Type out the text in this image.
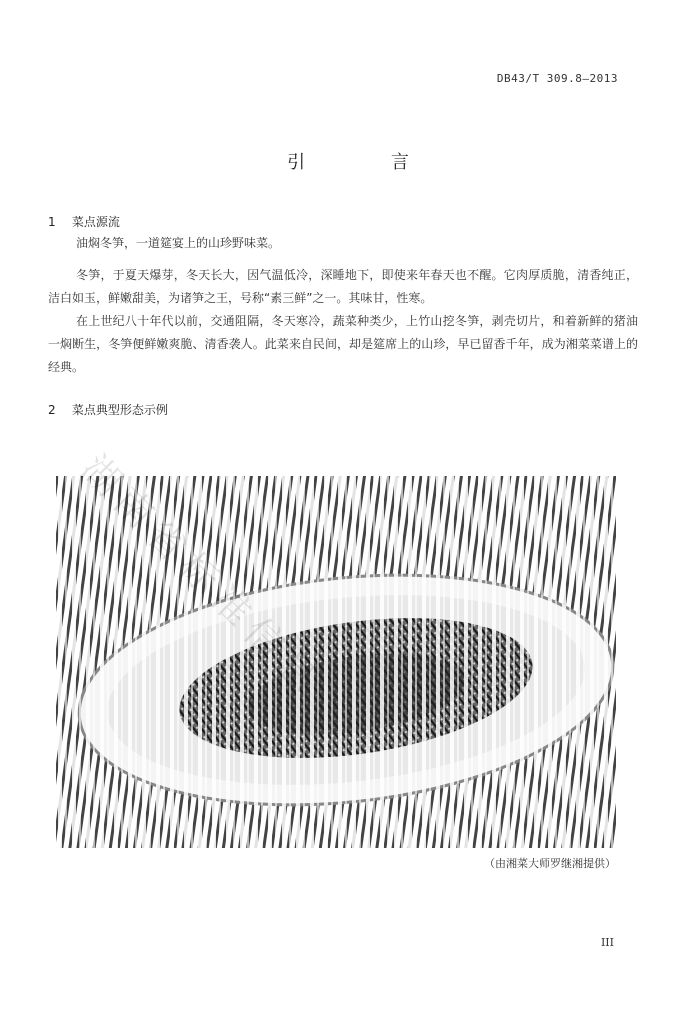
DB43/T 309.8—2013
引 言
1 菜点源流

油焖冬笋，一道筵宴上的山珍野味菜。

冬笋，于夏天爆芽，冬天长大，因气温低冷，深睡地下，即使来年春天也不醒。它肉厚质脆，清香纯正，洁白如玉，鲜嫩甜美，为诸笋之王，号称“素三鲜”之一。其味甘，性寒。

在上世纪八十年代以前，交通阻隔，冬天寒冷，蔬菜种类少，上竹山挖冬笋，剥壳切片，和着新鲜的猪油一焖断生，冬笋便鲜嫩爽脆、清香袭人。此菜来自民间，却是筵席上的山珍，早已留香千年，成为湘菜菜谱上的经典。

2 菜点典型形态示例
（由湘菜大师罗继湘提供）
III
